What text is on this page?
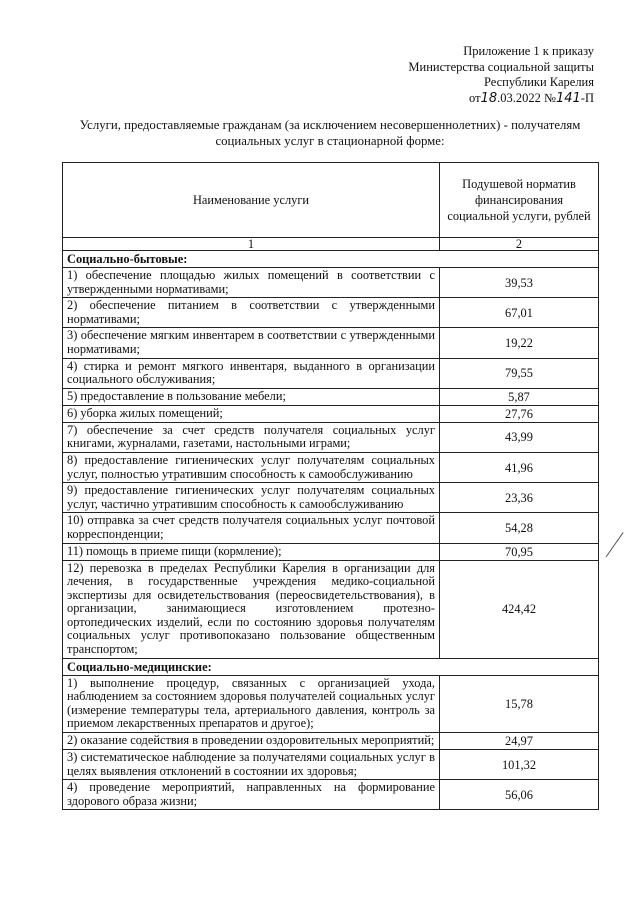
Приложение 1 к приказу
Министерства социальной защиты
Республики Карелия
от18.03.2022 №141-П
Услуги, предоставляемые гражданам (за исключением несовершеннолетних) - получателям социальных услуг в стационарной форме:
Наименование услуги	Подушевой норматив финансирования социальной услуги, рублей
1	2
Социально-бытовые:	
1) обеспечение площадью жилых помещений в соответствии с утвержденными нормативами;	39,53
2) обеспечение питанием в соответствии с утвержденными нормативами;	67,01
3) обеспечение мягким инвентарем в соответствии с утвержденными нормативами;	19,22
4) стирка и ремонт мягкого инвентаря, выданного в организации социального обслуживания;	79,55
5) предоставление в пользование мебели;	5,87
6) уборка жилых помещений;	27,76
7) обеспечение за счет средств получателя социальных услуг книгами, журналами, газетами, настольными играми;	43,99
8) предоставление гигиенических услуг получателям социальных услуг, полностью утратившим способность к самообслуживанию	41,96
9) предоставление гигиенических услуг получателям социальных услуг, частично утратившим способность к самообслуживанию	23,36
10) отправка за счет средств получателя социальных услуг почтовой корреспонденции;	54,28
11) помощь в приеме пищи (кормление);	70,95
12) перевозка в пределах Республики Карелия в организации для лечения, в государственные учреждения медико-социальной экспертизы для освидетельствования (переосвидетельствования), в организации, занимающиеся изготовлением протезно-ортопедических изделий, если по состоянию здоровья получателям социальных услуг противопоказано пользование общественным транспортом;	424,42
Социально-медицинские:	
1) выполнение процедур, связанных с организацией ухода, наблюдением за состоянием здоровья получателей социальных услуг (измерение температуры тела, артериального давления, контроль за приемом лекарственных препаратов и другое);	15,78
2) оказание содействия в проведении оздоровительных мероприятий;	24,97
3) систематическое наблюдение за получателями социальных услуг в целях выявления отклонений в состоянии их здоровья;	101,32
4) проведение мероприятий, направленных на формирование здорового образа жизни;	56,06
